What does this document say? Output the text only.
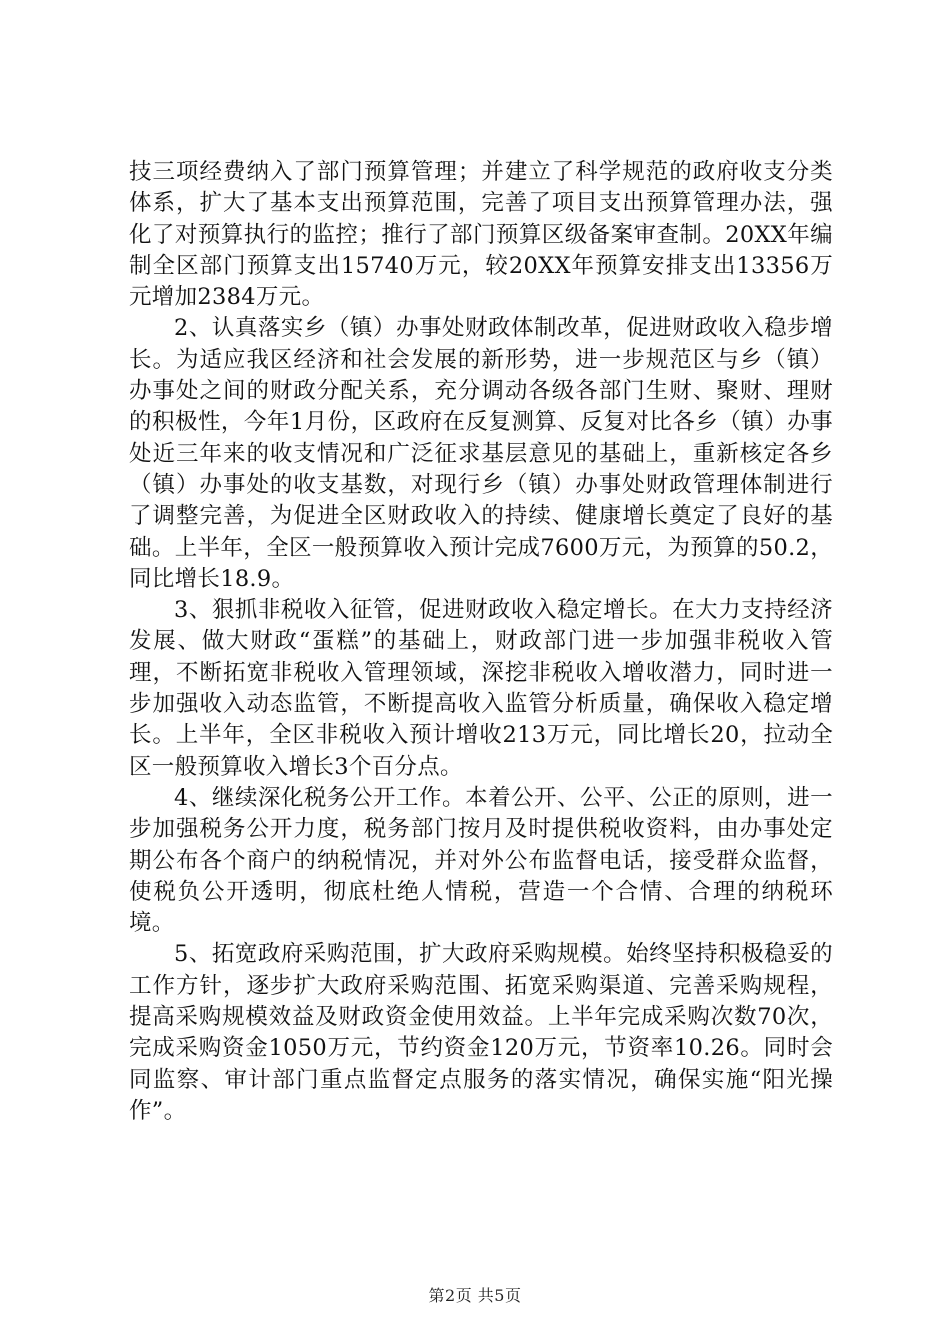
技三项经费纳入了部门预算管理；并建立了科学规范的政府收支分类体系，扩大了基本支出预算范围，完善了项目支出预算管理办法，强化了对预算执行的监控；推行了部门预算区级备案审查制。20XX年编制全区部门预算支出15740万元，较20XX年预算安排支出13356万元增加2384万元。

2、认真落实乡（镇）办事处财政体制改革，促进财政收入稳步增长。为适应我区经济和社会发展的新形势，进一步规范区与乡（镇）办事处之间的财政分配关系，充分调动各级各部门生财、聚财、理财的积极性，今年1月份，区政府在反复测算、反复对比各乡（镇）办事处近三年来的收支情况和广泛征求基层意见的基础上，重新核定各乡（镇）办事处的收支基数，对现行乡（镇）办事处财政管理体制进行了调整完善，为促进全区财政收入的持续、健康增长奠定了良好的基础。上半年，全区一般预算收入预计完成7600万元，为预算的50.2，同比增长18.9。

3、狠抓非税收入征管，促进财政收入稳定增长。在大力支持经济发展、做大财政“蛋糕”的基础上，财政部门进一步加强非税收入管理，不断拓宽非税收入管理领域，深挖非税收入增收潜力，同时进一步加强收入动态监管，不断提高收入监管分析质量，确保收入稳定增长。上半年，全区非税收入预计增收213万元，同比增长20，拉动全区一般预算收入增长3个百分点。

4、继续深化税务公开工作。本着公开、公平、公正的原则，进一步加强税务公开力度，税务部门按月及时提供税收资料，由办事处定期公布各个商户的纳税情况，并对外公布监督电话，接受群众监督，使税负公开透明，彻底杜绝人情税，营造一个合情、合理的纳税环境。

5、拓宽政府采购范围，扩大政府采购规模。始终坚持积极稳妥的工作方针，逐步扩大政府采购范围、拓宽采购渠道、完善采购规程，提高采购规模效益及财政资金使用效益。上半年完成采购次数70次，完成采购资金1050万元，节约资金120万元，节资率10.26。同时会同监察、审计部门重点监督定点服务的落实情况，确保实施“阳光操作”。

第2页 共5页
